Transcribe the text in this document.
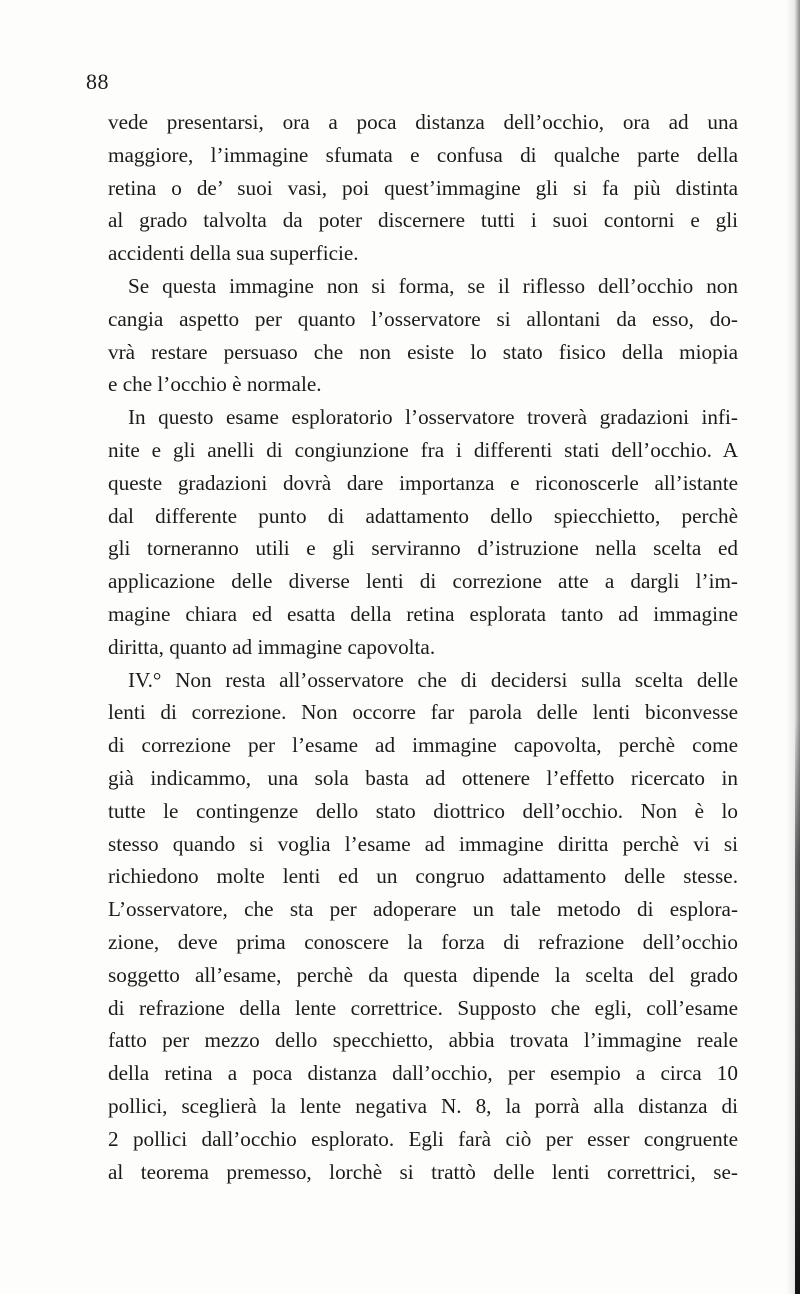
88
vede presentarsi, ora a poca distanza dell’occhio, ora ad una
maggiore, l’immagine sfumata e confusa di qualche parte della
retina o de’ suoi vasi, poi quest’immagine gli si fa più distinta
al grado talvolta da poter discernere tutti i suoi contorni e gli
accidenti della sua superficie.
Se questa immagine non si forma, se il riflesso dell’occhio non
cangia aspetto per quanto l’osservatore si allontani da esso, do-
vrà restare persuaso che non esiste lo stato fisico della miopia
e che l’occhio è normale.
In questo esame esploratorio l’osservatore troverà gradazioni infi-
nite e gli anelli di congiunzione fra i differenti stati dell’occhio. A
queste gradazioni dovrà dare importanza e riconoscerle all’istante
dal differente punto di adattamento dello spiecchietto, perchè
gli torneranno utili e gli serviranno d’istruzione nella scelta ed
applicazione delle diverse lenti di correzione atte a dargli l’im-
magine chiara ed esatta della retina esplorata tanto ad immagine
diritta, quanto ad immagine capovolta.
IV.° Non resta all’osservatore che di decidersi sulla scelta delle
lenti di correzione. Non occorre far parola delle lenti biconvesse
di correzione per l’esame ad immagine capovolta, perchè come
già indicammo, una sola basta ad ottenere l’effetto ricercato in
tutte le contingenze dello stato diottrico dell’occhio. Non è lo
stesso quando si voglia l’esame ad immagine diritta perchè vi si
richiedono molte lenti ed un congruo adattamento delle stesse.
L’osservatore, che sta per adoperare un tale metodo di esplora-
zione, deve prima conoscere la forza di refrazione dell’occhio
soggetto all’esame, perchè da questa dipende la scelta del grado
di refrazione della lente correttrice. Supposto che egli, coll’esame
fatto per mezzo dello specchietto, abbia trovata l’immagine reale
della retina a poca distanza dall’occhio, per esempio a circa 10
pollici, sceglierà la lente negativa N. 8, la porrà alla distanza di
2 pollici dall’occhio esplorato. Egli farà ciò per esser congruente
al teorema premesso, lorchè si trattò delle lenti correttrici, se-
